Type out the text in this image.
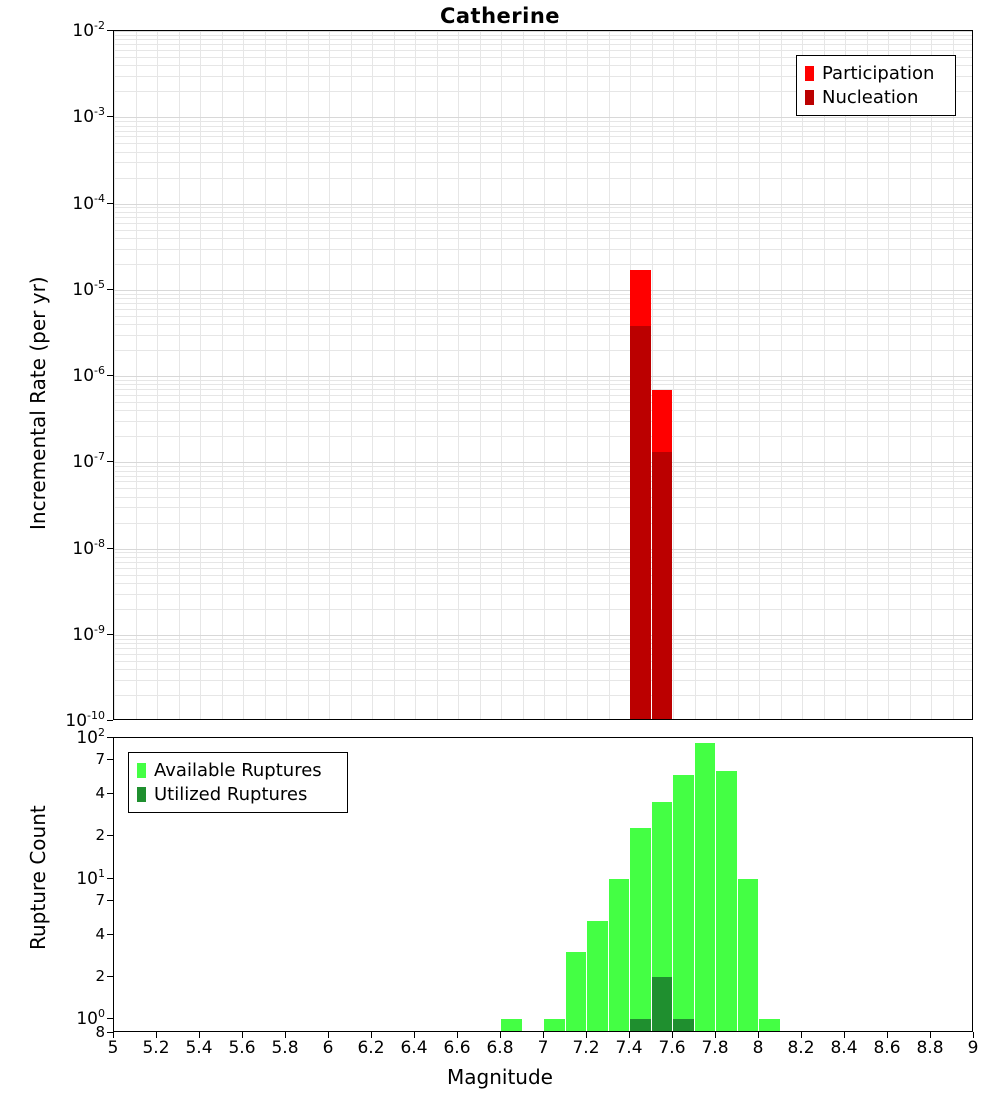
Catherine
$10^{-2}$
$10^{-3}$
$10^{-4}$
$10^{-5}$
$10^{-6}$
$10^{-7}$
$10^{-8}$
$10^{-9}$
$10^{-10}$
Incremental Rate (per yr)
Participation
Nucleation
$10^2$
7
4
2
$10^1$
7
4
2
$10^0$
8
Rupture Count
Available Ruptures
Utilized Ruptures
5 5.2 5.4 5.6 5.8 6 6.2 6.4 6.6 6.8 7 7.2 7.4 7.6 7.8 8 8.2 8.4 8.6 8.8 9
Magnitude
